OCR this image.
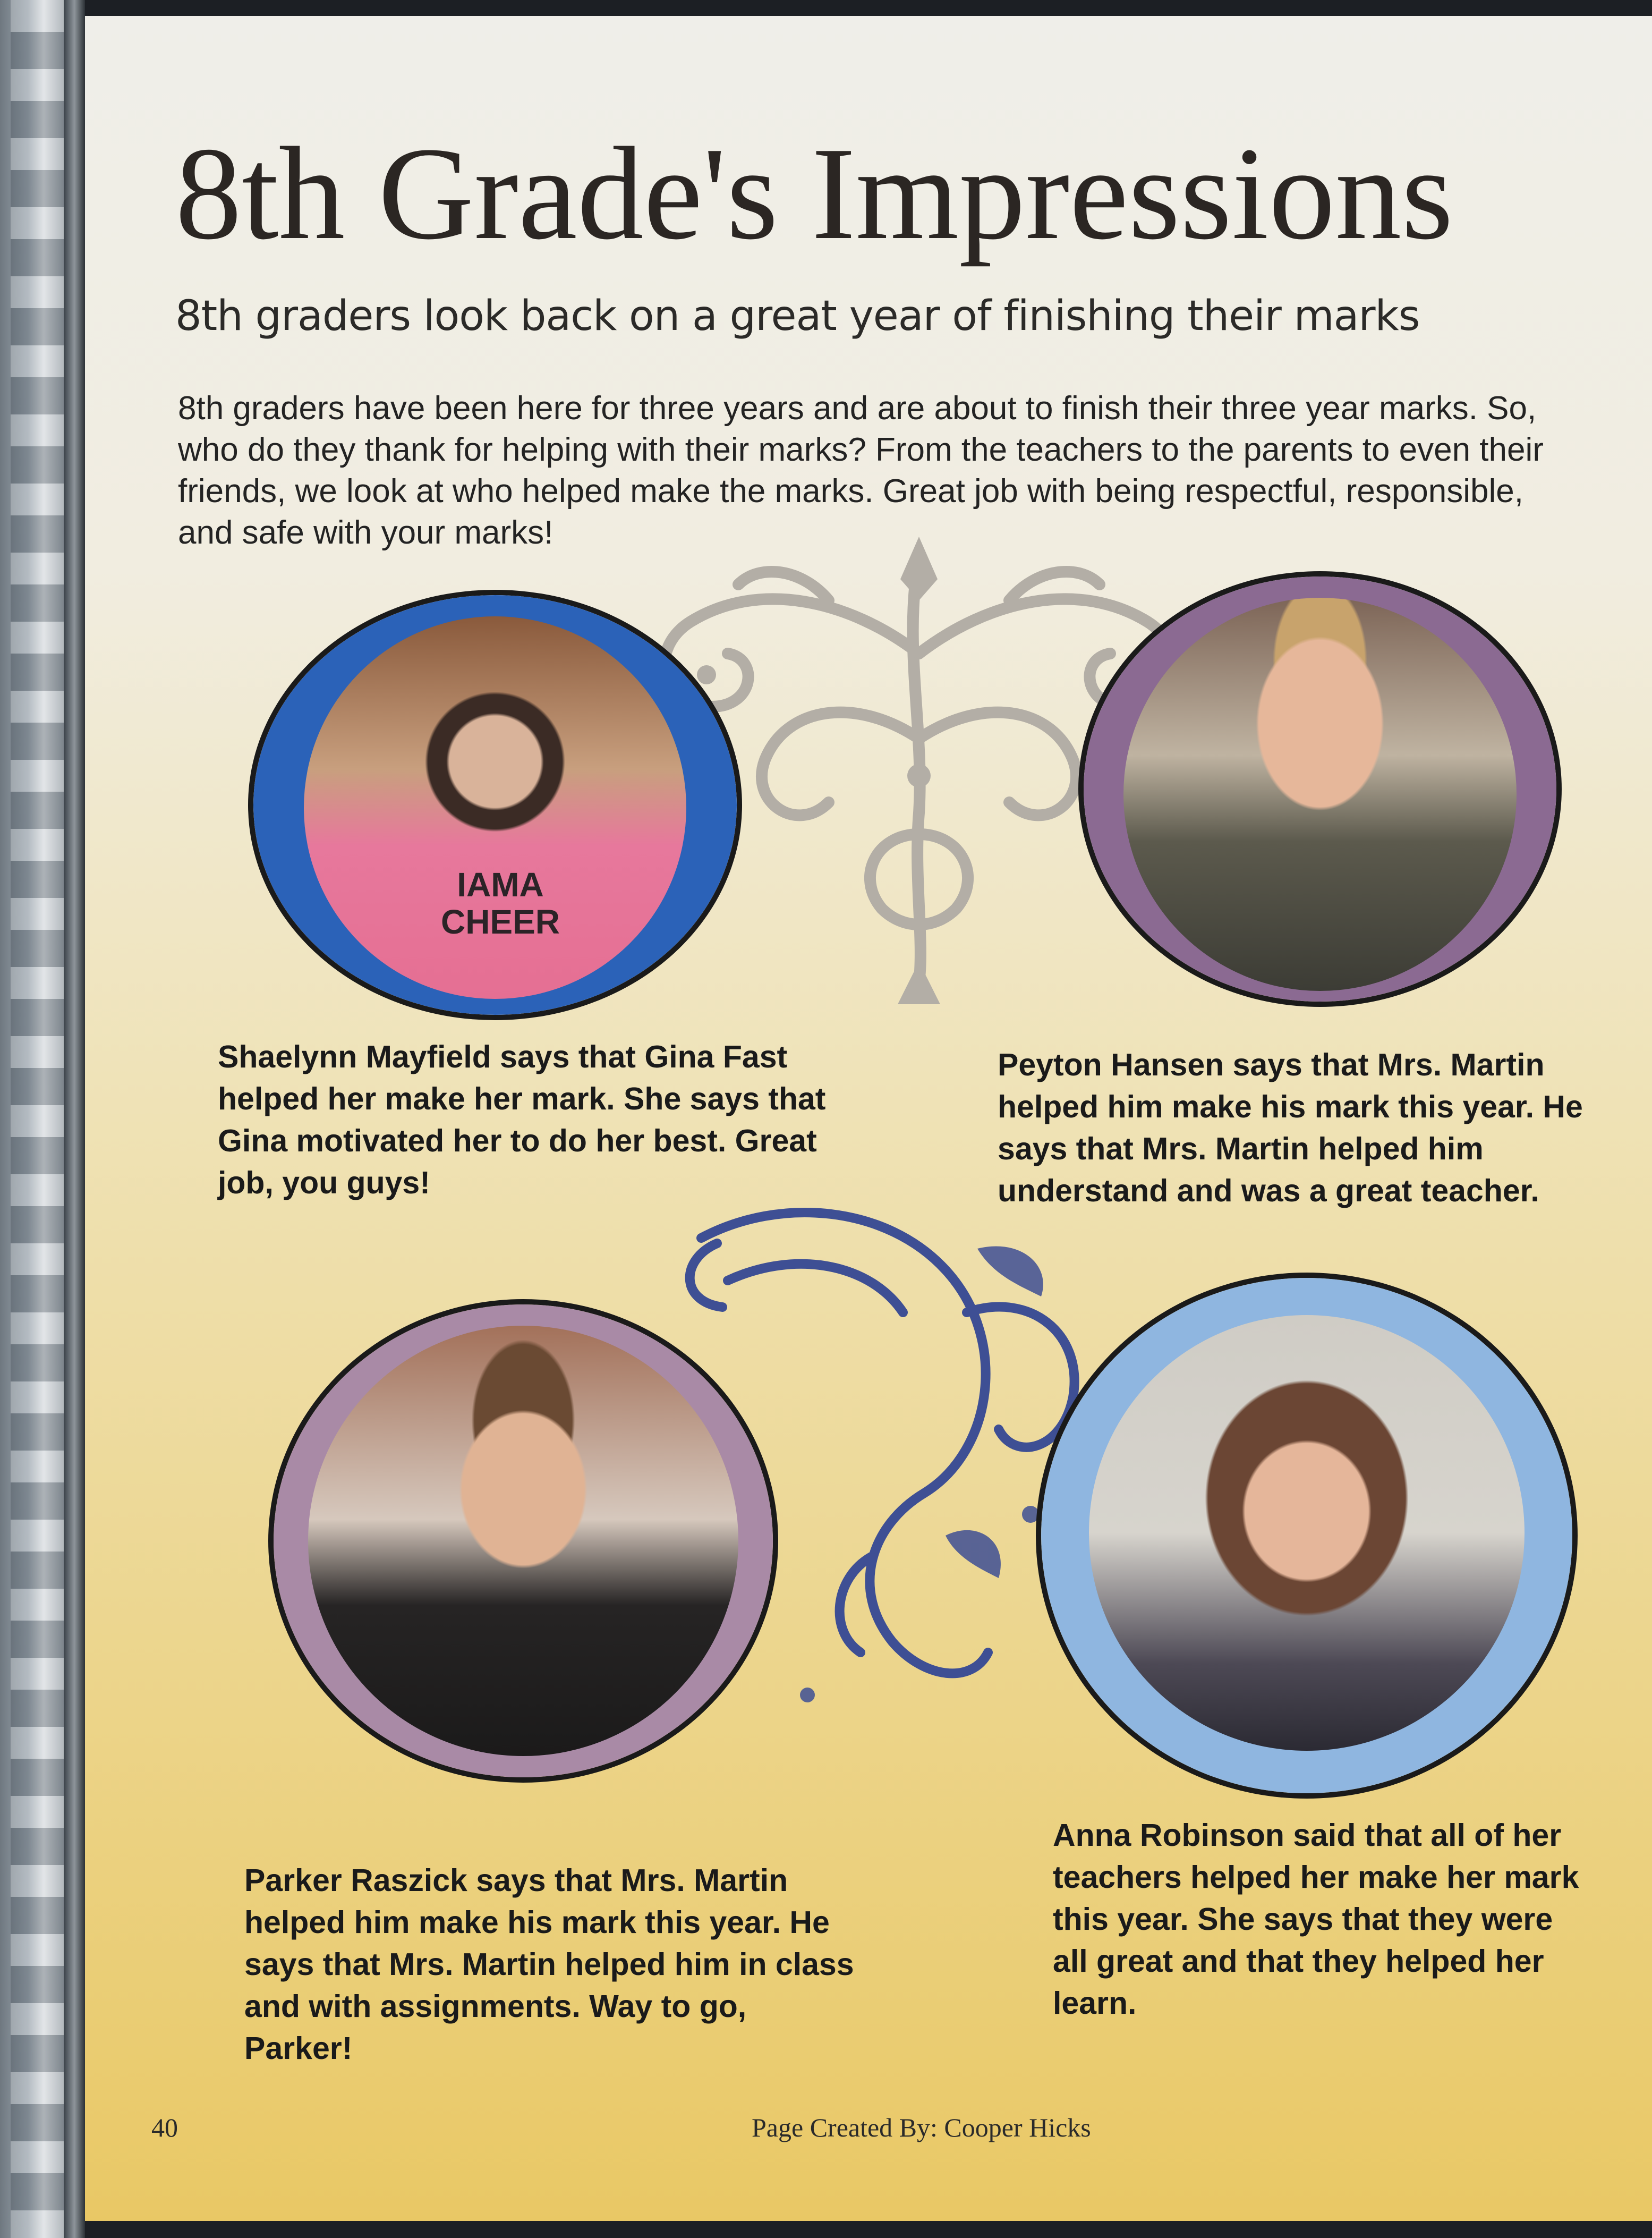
8th Grade's Impressions

8th graders look back on a great year of finishing their marks

8th graders have been here for three years and are about to finish their three year marks. So, who do they thank for helping with their marks? From the teachers to the parents to even their friends, we look at who helped make the marks. Great job with being respectful, responsible, and safe with your marks!

IAMA CHEER

Shaelynn Mayfield says that Gina Fast helped her make her mark. She says that Gina motivated her to do her best. Great job, you guys!

Peyton Hansen says that Mrs. Martin helped him make his mark this year. He says that Mrs. Martin helped him understand and was a great teacher.

Parker Raszick says that Mrs. Martin helped him make his mark this year. He says that Mrs. Martin helped him in class and with assignments. Way to go, Parker!

Anna Robinson said that all of her teachers helped her make her mark this year. She says that they were all great and that they helped her learn.

40	Page Created By: Cooper Hicks
